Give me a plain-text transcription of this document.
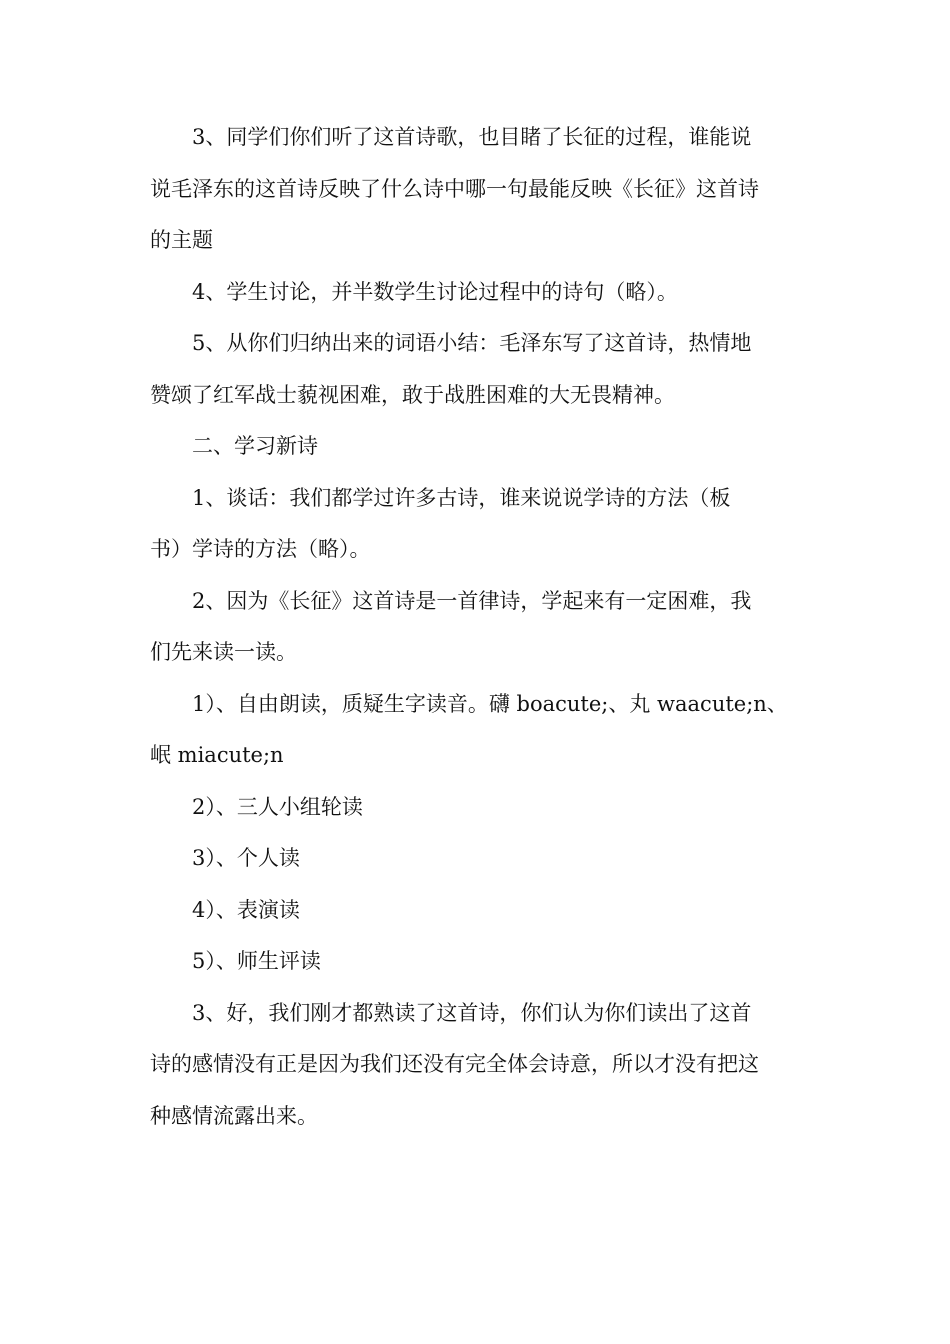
3、同学们你们听了这首诗歌，也目睹了长征的过程，谁能说
说毛泽东的这首诗反映了什么诗中哪一句最能反映《长征》这首诗
的主题

4、学生讨论，并半数学生讨论过程中的诗句（略）。

5、从你们归纳出来的词语小结：毛泽东写了这首诗，热情地
赞颂了红军战士藐视困难，敢于战胜困难的大无畏精神。

二、学习新诗

1、谈话：我们都学过许多古诗，谁来说说学诗的方法（板
书）学诗的方法（略）。

2、因为《长征》这首诗是一首律诗，学起来有一定困难，我
们先来读一读。

1）、自由朗读，质疑生字读音。礴 boacute;、丸 waacute;n、
岷 miacute;n

2）、三人小组轮读

3）、个人读

4）、表演读

5）、师生评读

3、好，我们刚才都熟读了这首诗，你们认为你们读出了这首
诗的感情没有正是因为我们还没有完全体会诗意，所以才没有把这
种感情流露出来。
